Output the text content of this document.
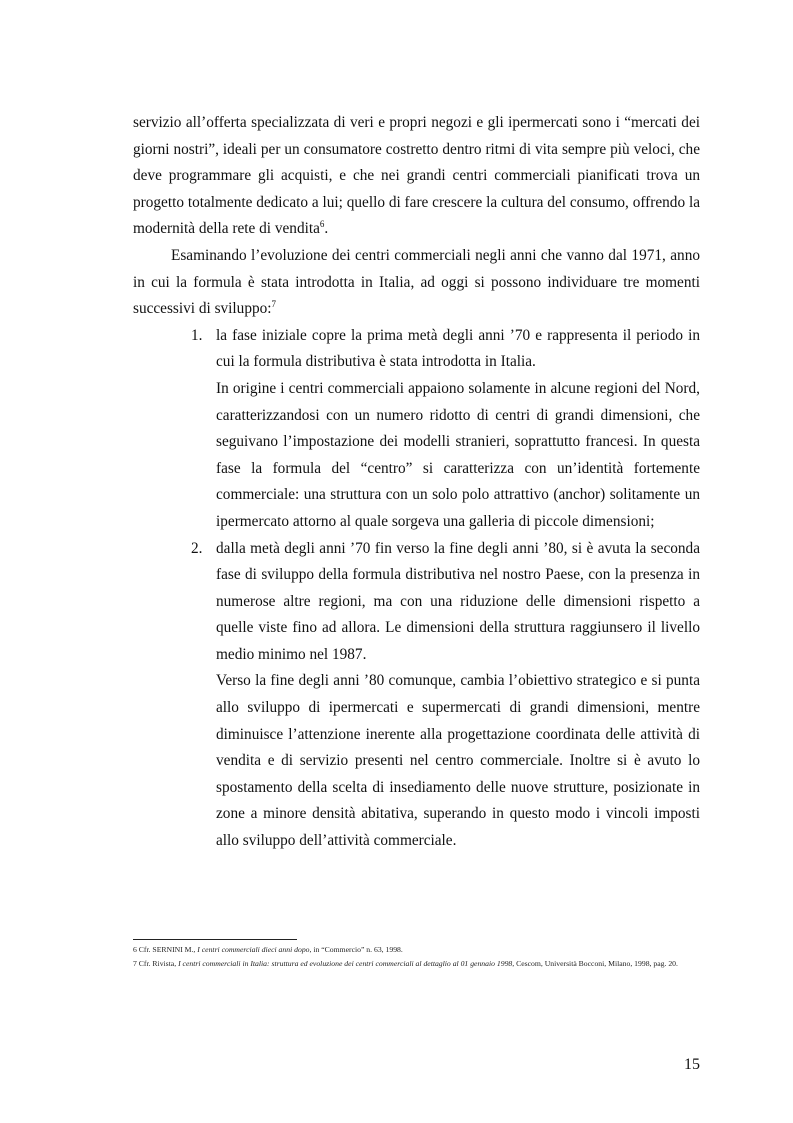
servizio all’offerta specializzata di veri e propri negozi e gli ipermercati sono i “mercati dei giorni nostri”, ideali per un consumatore costretto dentro ritmi di vita sempre più veloci, che deve programmare gli acquisti, e che nei grandi centri commerciali pianificati trova un progetto totalmente dedicato a lui; quello di fare crescere la cultura del consumo, offrendo la modernità della rete di vendita$^6$.

Esaminando l’evoluzione dei centri commerciali negli anni che vanno dal 1971, anno in cui la formula è stata introdotta in Italia, ad oggi si possono individuare tre momenti successivi di sviluppo:$^7$

1. la fase iniziale copre la prima metà degli anni ’70 e rappresenta il periodo in cui la formula distributiva è stata introdotta in Italia.

In origine i centri commerciali appaiono solamente in alcune regioni del Nord, caratterizzandosi con un numero ridotto di centri di grandi dimensioni, che seguivano l’impostazione dei modelli stranieri, soprattutto francesi. In questa fase la formula del “centro” si caratterizza con un’identità fortemente commerciale: una struttura con un solo polo attrattivo (anchor) solitamente un ipermercato attorno al quale sorgeva una galleria di piccole dimensioni;

2. dalla metà degli anni ’70 fin verso la fine degli anni ’80, si è avuta la seconda fase di sviluppo della formula distributiva nel nostro Paese, con la presenza in numerose altre regioni, ma con una riduzione delle dimensioni rispetto a quelle viste fino ad allora. Le dimensioni della struttura raggiunsero il livello medio minimo nel 1987.

Verso la fine degli anni ’80 comunque, cambia l’obiettivo strategico e si punta allo sviluppo di ipermercati e supermercati di grandi dimensioni, mentre diminuisce l’attenzione inerente alla progettazione coordinata delle attività di vendita e di servizio presenti nel centro commerciale. Inoltre si è avuto lo spostamento della scelta di insediamento delle nuove strutture, posizionate in zone a minore densità abitativa, superando in questo modo i vincoli imposti allo sviluppo dell’attività commerciale.

6 Cfr. SERNINI M., I centri commerciali dieci anni dopo, in “Commercio” n. 63, 1998.

7 Cfr. Rivista, I centri commerciali in Italia: struttura ed evoluzione dei centri commerciali al dettaglio al 01 gennaio 1998, Cescom, Università Bocconi, Milano, 1998, pag. 20.

15
